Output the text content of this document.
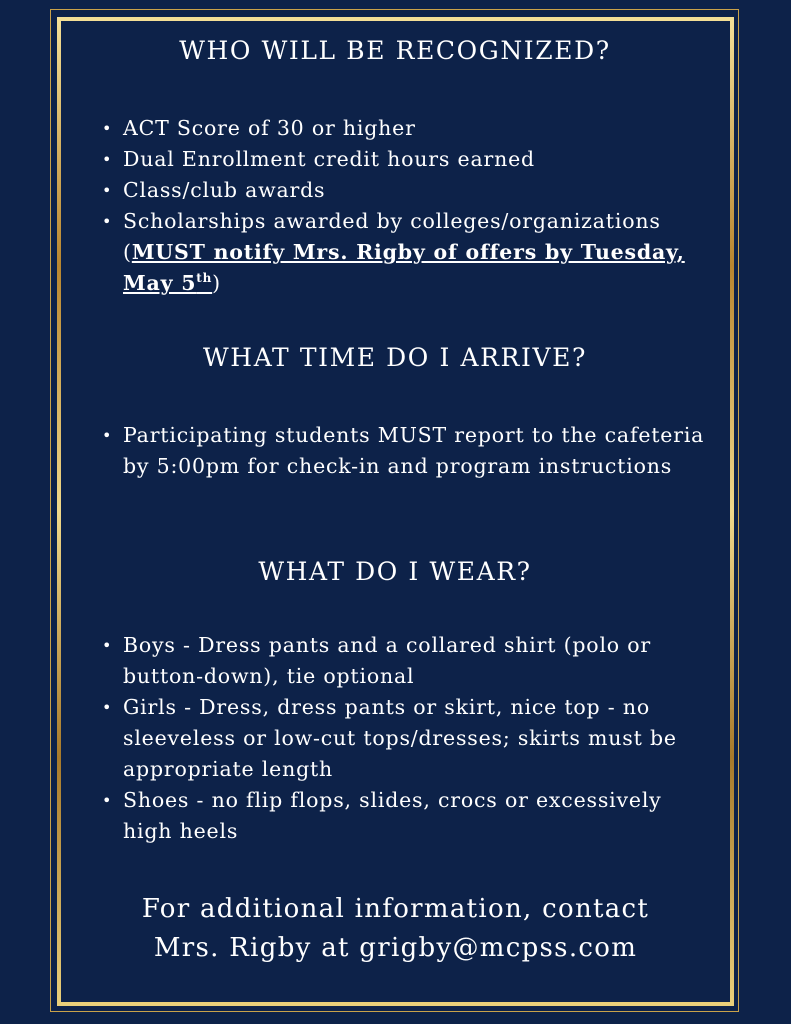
WHO WILL BE RECOGNIZED?
• ACT Score of 30 or higher
• Dual Enrollment credit hours earned
• Class/club awards
• Scholarships awarded by colleges/organizations (MUST notify Mrs. Rigby of offers by Tuesday, May 5th)
WHAT TIME DO I ARRIVE?
• Participating students MUST report to the cafeteria by 5:00pm for check-in and program instructions
WHAT DO I WEAR?
• Boys - Dress pants and a collared shirt (polo or button-down), tie optional
• Girls - Dress, dress pants or skirt, nice top - no sleeveless or low-cut tops/dresses; skirts must be appropriate length
• Shoes - no flip flops, slides, crocs or excessively high heels
For additional information, contact
Mrs. Rigby at grigby@mcpss.com
